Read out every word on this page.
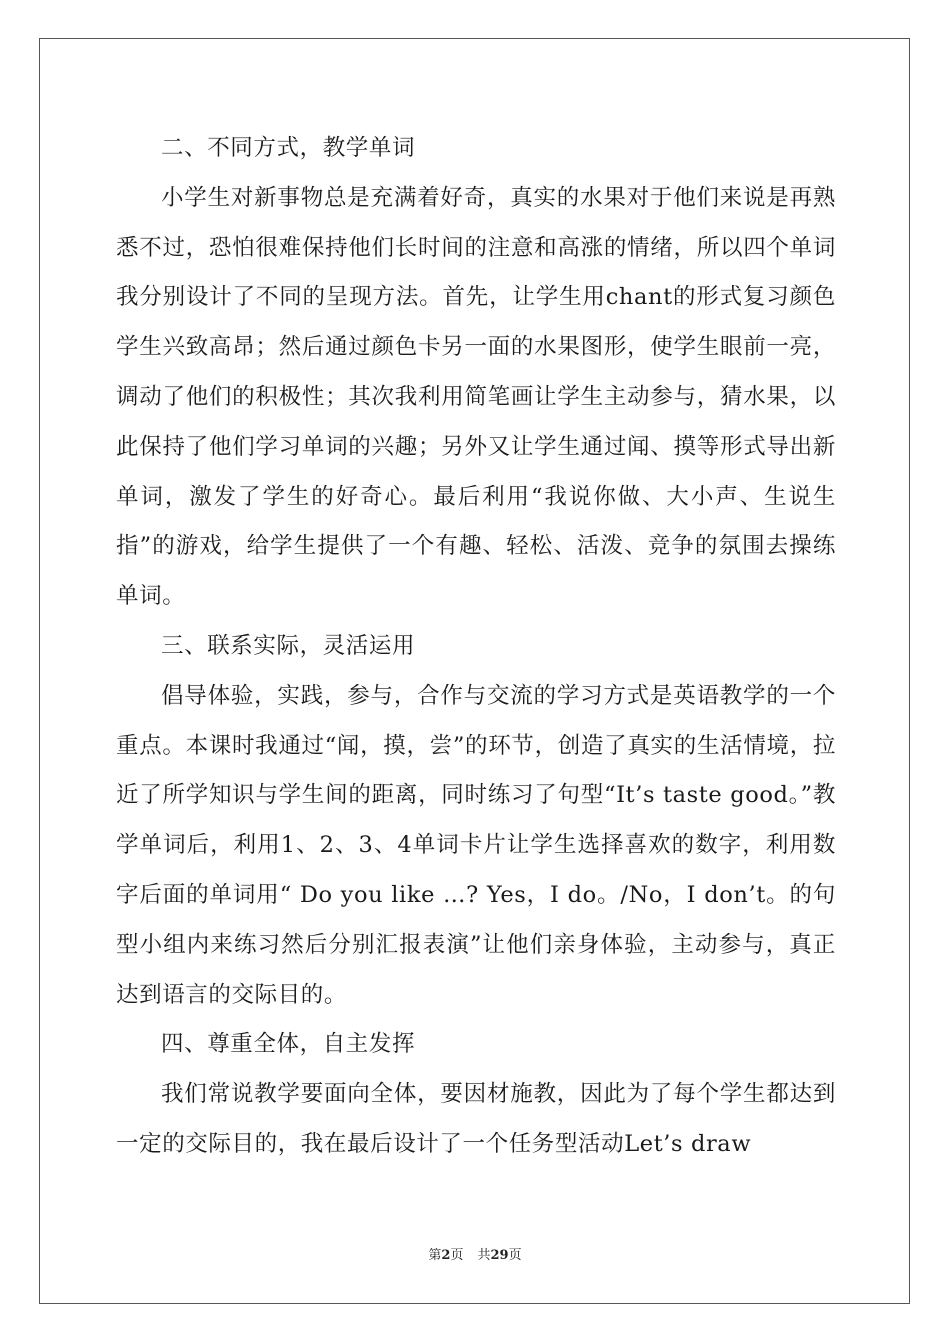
二、不同方式，教学单词

小学生对新事物总是充满着好奇，真实的水果对于他们来说是再熟悉不过，恐怕很难保持他们长时间的注意和高涨的情绪，所以四个单词我分别设计了不同的呈现方法。首先，让学生用chant的形式复习颜色学生兴致高昂；然后通过颜色卡另一面的水果图形，使学生眼前一亮，调动了他们的积极性；其次我利用简笔画让学生主动参与，猜水果，以此保持了他们学习单词的兴趣；另外又让学生通过闻、摸等形式导出新单词，激发了学生的好奇心。最后利用“我说你做、大小声、生说生指”的游戏，给学生提供了一个有趣、轻松、活泼、竞争的氛围去操练单词。

三、联系实际，灵活运用

倡导体验，实践，参与，合作与交流的学习方式是英语教学的一个重点。本课时我通过“闻，摸，尝”的环节，创造了真实的生活情境，拉近了所学知识与学生间的距离，同时练习了句型“It’s taste good。”教学单词后，利用1、2、3、4单词卡片让学生选择喜欢的数字，利用数字后面的单词用“ Do you like …? Yes，I do。/No，I don’t。的句型小组内来练习然后分别汇报表演”让他们亲身体验，主动参与，真正达到语言的交际目的。

四、尊重全体，自主发挥

我们常说教学要面向全体，要因材施教，因此为了每个学生都达到一定的交际目的，我在最后设计了一个任务型活动Let’s draw

第2页 共29页
